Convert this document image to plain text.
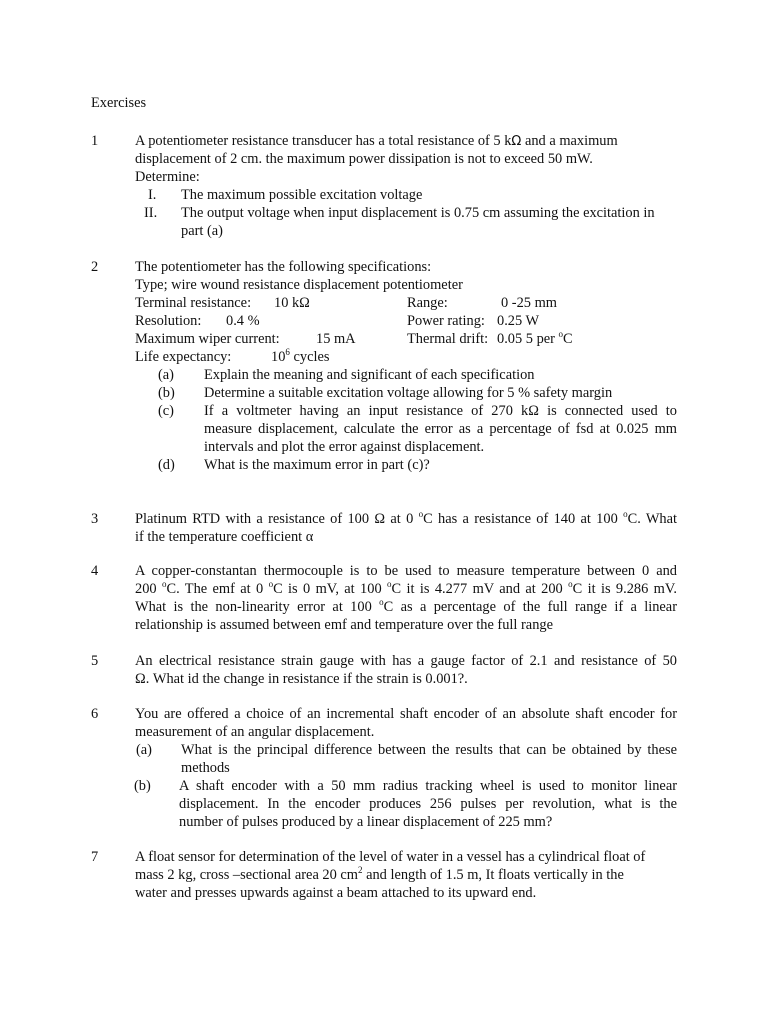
Exercises
1	A potentiometer resistance transducer has a total resistance of 5 kΩ and a maximum
displacement of 2 cm. the maximum power dissipation is not to exceed 50 mW.
Determine:
I. The maximum possible excitation voltage
II. The output voltage when input displacement is 0.75 cm assuming the excitation in
part (a)
2	The potentiometer has the following specifications:
Type; wire wound resistance displacement potentiometer
Terminal resistance: 10 kΩ	Range:	0 -25 mm
Resolution: 0.4 %	Power rating: 0.25 W
Maximum wiper current:	15 mA	Thermal drift: 0.05 5 per $^o$C
Life expectancy:	$10^6$ cycles
(a) Explain the meaning and significant of each specification
(b) Determine a suitable excitation voltage allowing for 5 % safety margin
(c) If a voltmeter having an input resistance of 270 kΩ is connected used to
measure displacement, calculate the error as a percentage of fsd at 0.025 mm
intervals and plot the error against displacement.
(d) What is the maximum error in part (c)?
3	Platinum RTD with a resistance of 100 Ω at 0 $^o$C has a resistance of 140 at 100 $^o$C. What
if the temperature coefficient α
4	A copper-constantan thermocouple is to be used to measure temperature between 0 and
200 $^o$C. The emf at 0 $^o$C is 0 mV, at 100 $^o$C it is 4.277 mV and at 200 $^o$C it is 9.286 mV.
What is the non-linearity error at 100 $^o$C as a percentage of the full range if a linear
relationship is assumed between emf and temperature over the full range
5	An electrical resistance strain gauge with has a gauge factor of 2.1 and resistance of 50
Ω. What id the change in resistance if the strain is 0.001?.
6	You are offered a choice of an incremental shaft encoder of an absolute shaft encoder for
measurement of an angular displacement.
(a) What is the principal difference between the results that can be obtained by these
methods
(b) A shaft encoder with a 50 mm radius tracking wheel is used to monitor linear
displacement. In the encoder produces 256 pulses per revolution, what is the
number of pulses produced by a linear displacement of 225 mm?
7	A float sensor for determination of the level of water in a vessel has a cylindrical float of
mass 2 kg, cross –sectional area 20 $cm^2$ and length of 1.5 m, It floats vertically in the
water and presses upwards against a beam attached to its upward end.
